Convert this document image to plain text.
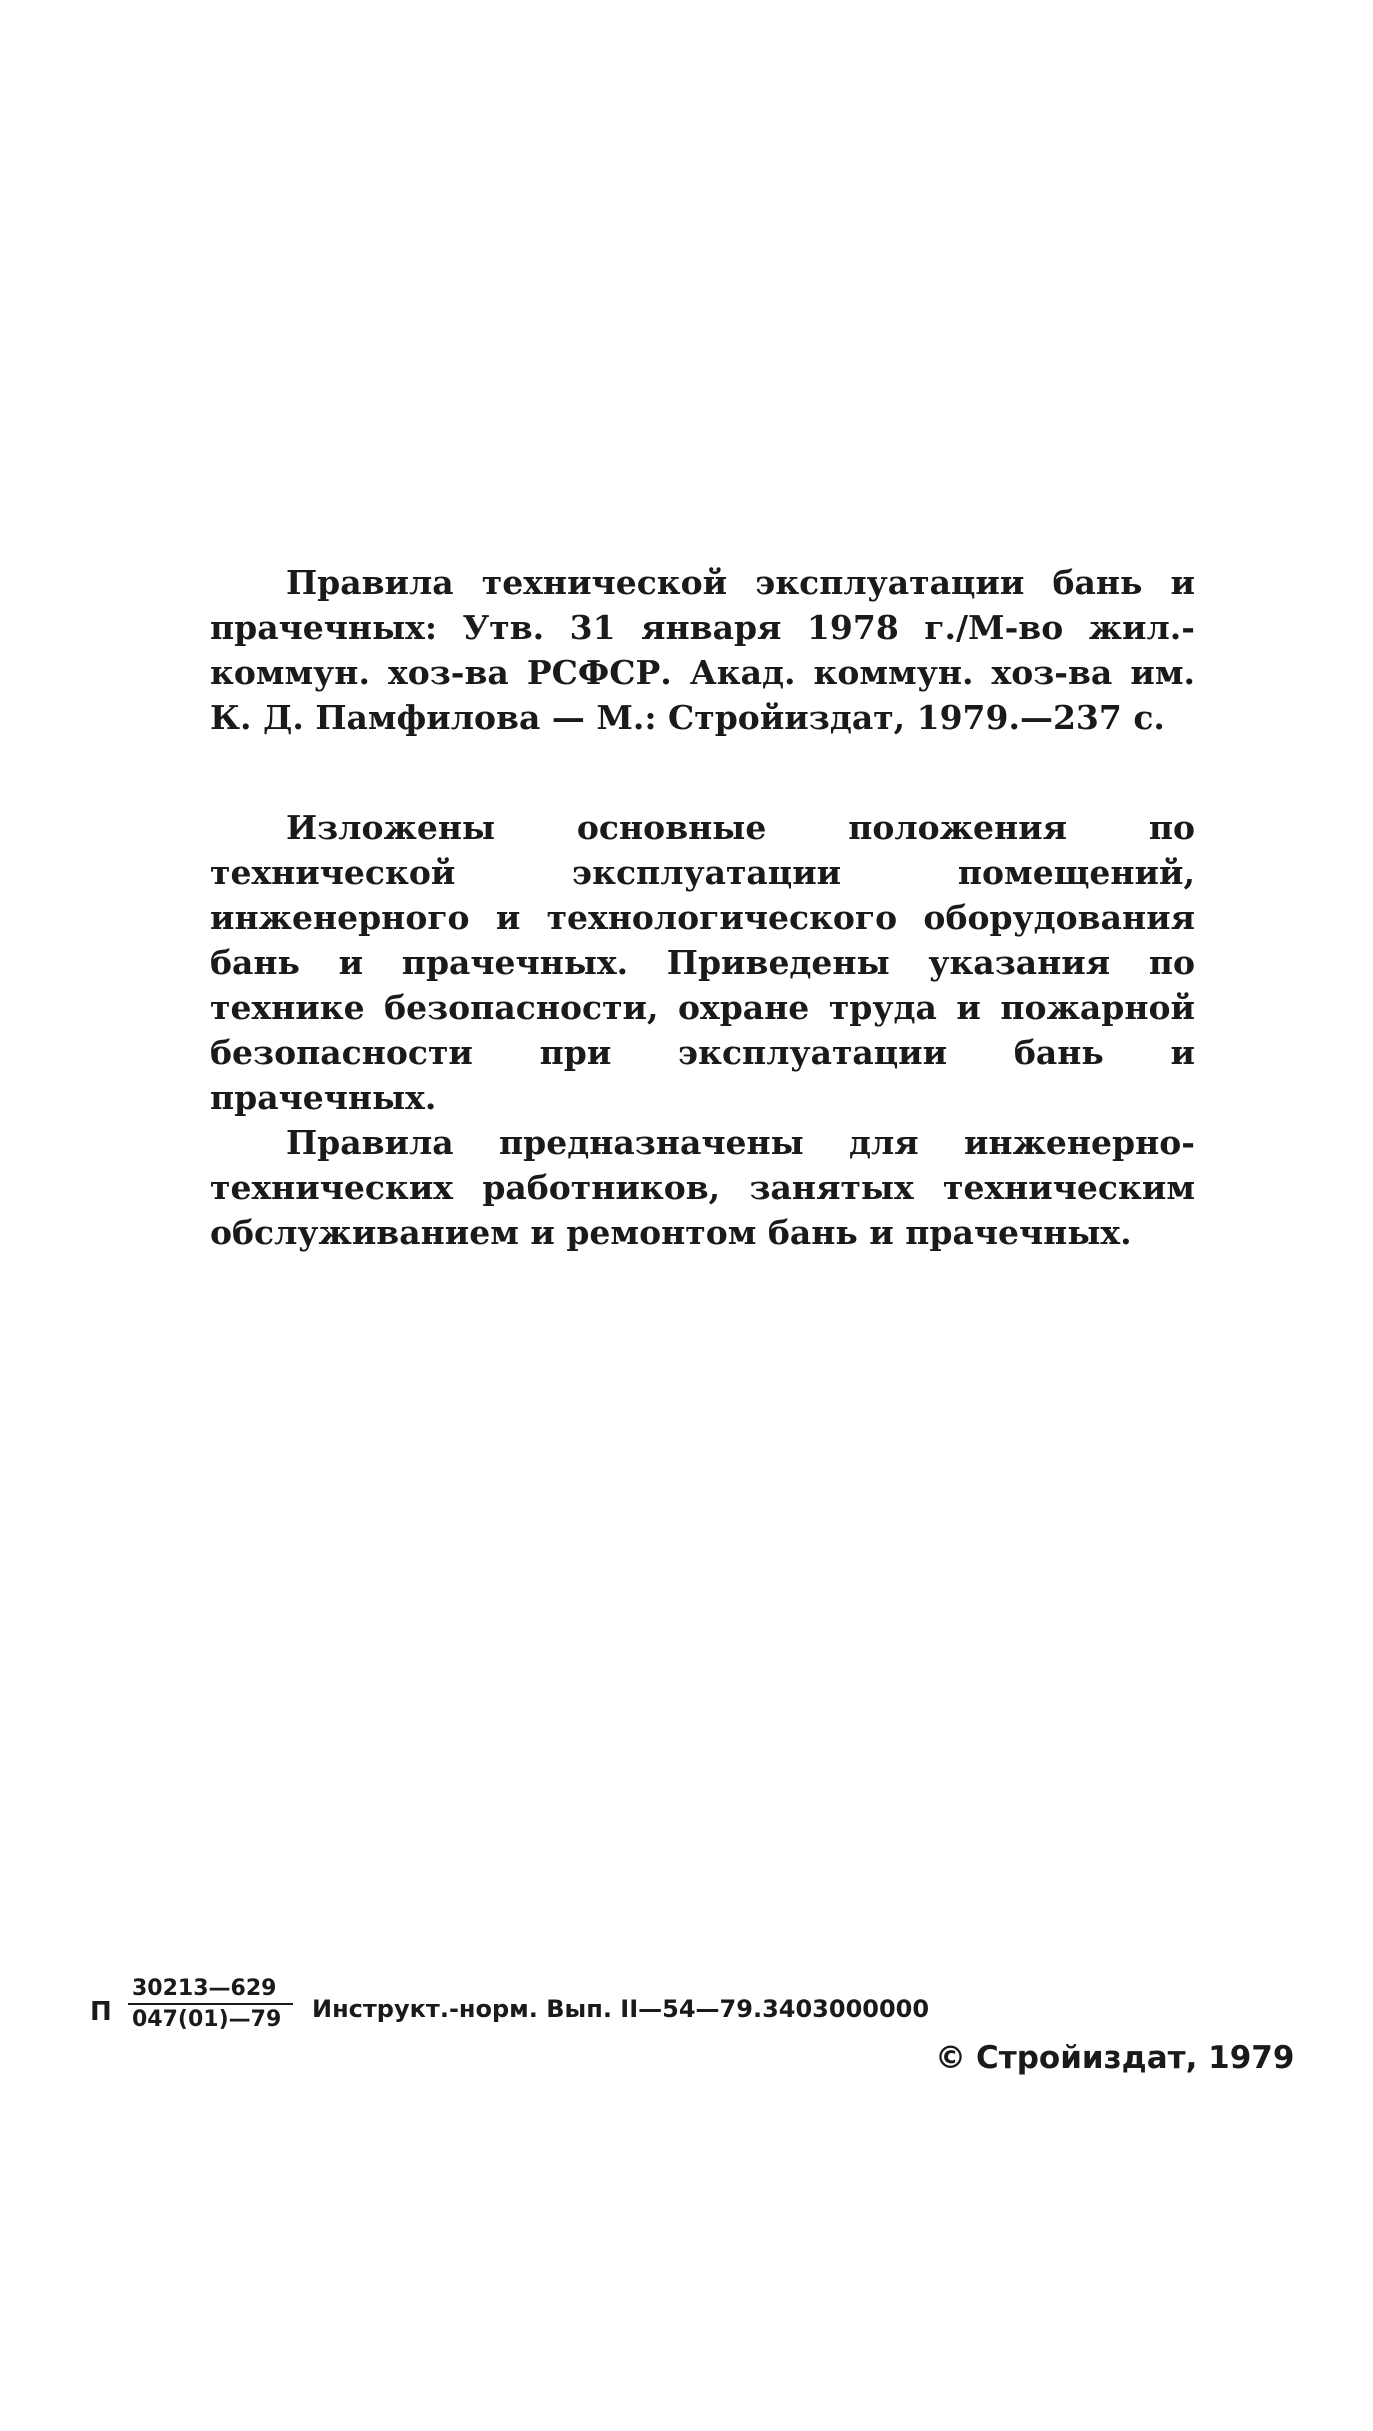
Правила технической эксплуатации бань и прачечных: Утв. 31 января 1978 г./М-во жил.-коммун. хоз-ва РСФСР. Акад. коммун. хоз-ва им. К. Д. Памфилова — М.: Стройиздат, 1979.—237 с.

Изложены основные положения по технической эксплуатации помещений, инженерного и технологического оборудования бань и прачечных. Приведены указания по технике безопасности, охране труда и пожарной безопасности при эксплуатации бань и прачечных.

Правила предназначены для инженерно-технических работников, занятых техническим обслуживанием и ремонтом бань и прачечных.

П $\frac{30213—629}{047(01)—79}$ Инструкт.-норм. Вып. II—54—79.3403000000
© Стройиздат, 1979
